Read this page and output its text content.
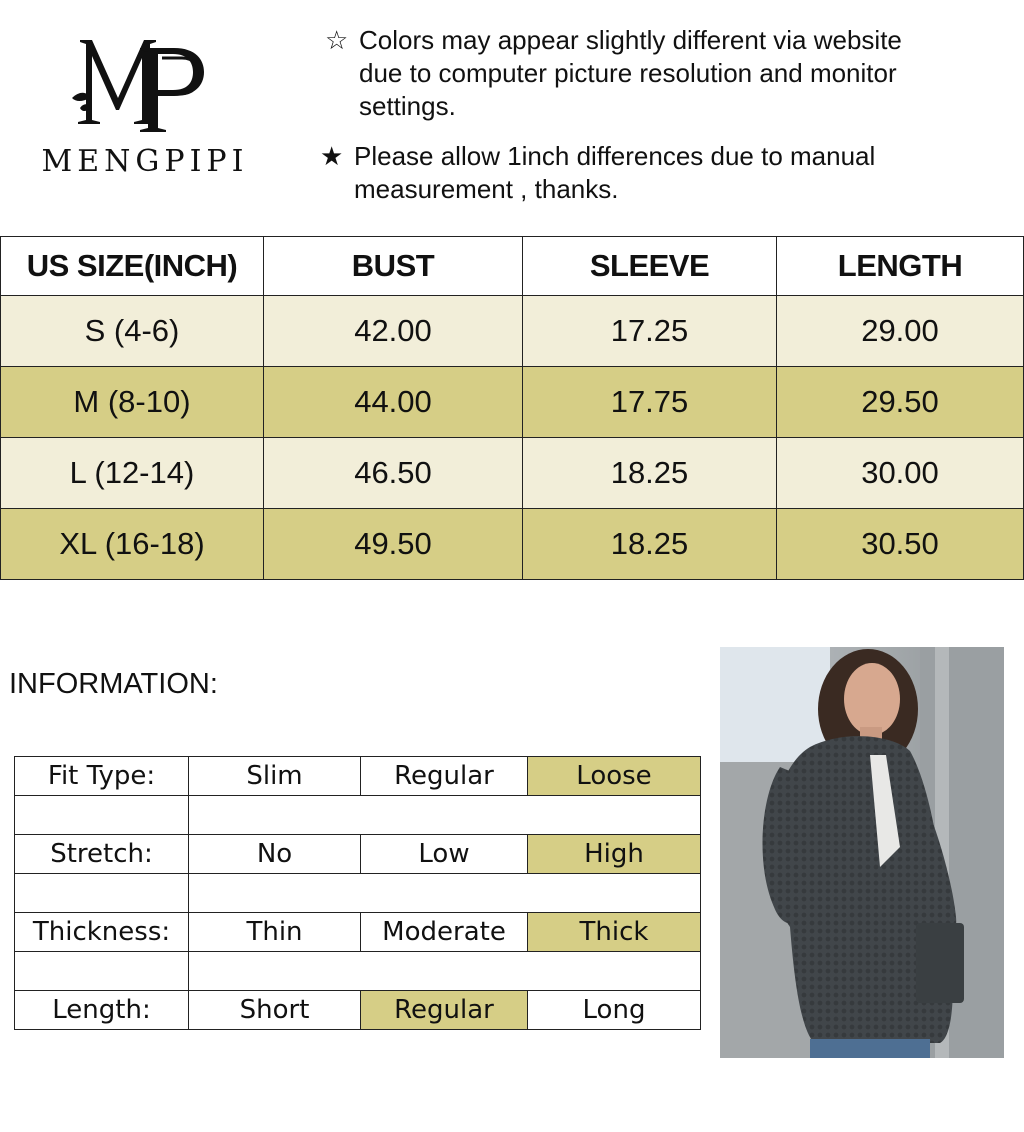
MENGPIPI
☆ Colors may appear slightly different via website
due to computer picture resolution and monitor
settings.
★ Please allow 1inch differences due to manual
measurement , thanks.
US SIZE(INCH)	BUST	SLEEVE	LENGTH
S (4-6)	42.00	17.25	29.00
M (8-10)	44.00	17.75	29.50
L (12-14)	46.50	18.25	30.00
XL (16-18)	49.50	18.25	30.50
INFORMATION:
Fit Type:	Slim	Regular	Loose

Stretch:	No	Low	High

Thickness:	Thin	Moderate	Thick

Length:	Short	Regular	Long
